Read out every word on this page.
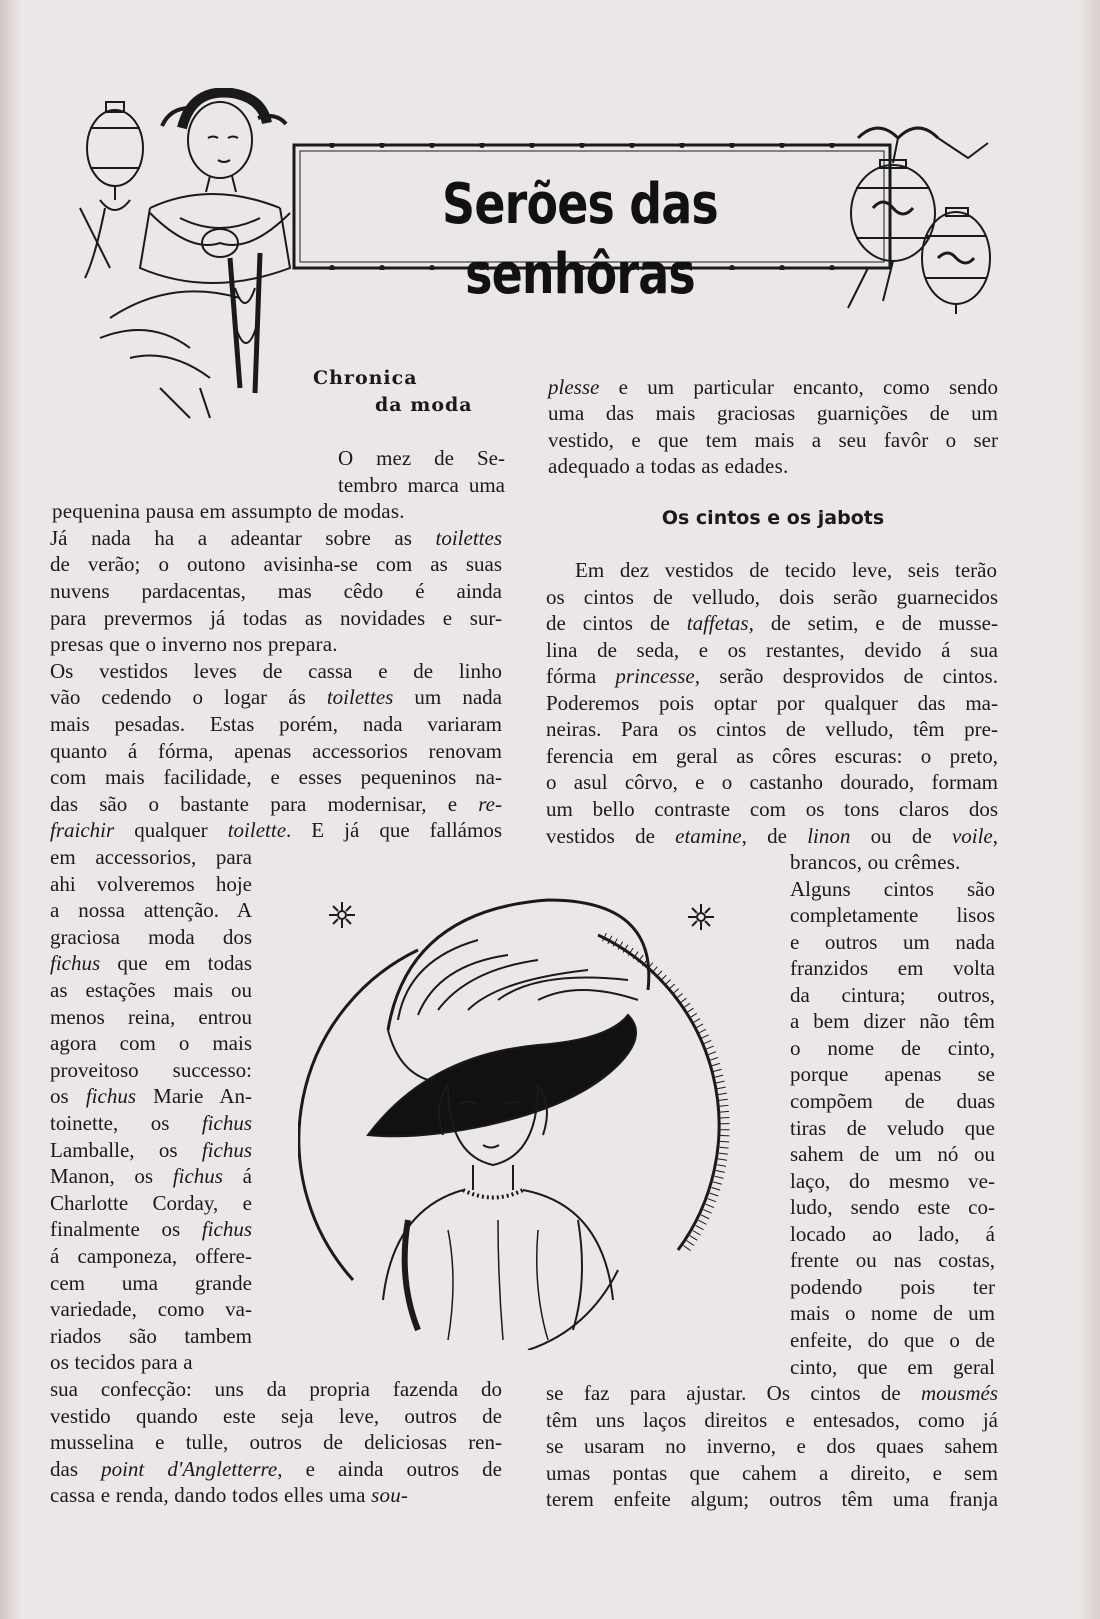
Serões das senhôras
Chronica
da moda
O mez de Se-
tembro marca uma
pequenina pausa em assumpto de modas.
Já nada ha a adeantar sobre as toilettes
de verão; o outono avisinha-se com as suas
nuvens pardacentas, mas cêdo é ainda
para prevermos já todas as novidades e sur-
presas que o inverno nos prepara.
Os vestidos leves de cassa e de linho
vão cedendo o logar ás toilettes um nada
mais pesadas. Estas porém, nada variaram
quanto á fórma, apenas accessorios renovam
com mais facilidade, e esses pequeninos na-
das são o bastante para modernisar, e re-
fraichir qualquer toilette. E já que fallámos
em accessorios, para
ahi volveremos hoje
a nossa attenção. A
graciosa moda dos
fichus que em todas
as estações mais ou
menos reina, entrou
agora com o mais
proveitoso successo:
os fichus Marie An-
toinette, os fichus
Lamballe, os fichus
Manon, os fichus á
Charlotte Corday, e
finalmente os fichus
á camponeza, offere-
cem uma grande
variedade, como va-
riados são tambem
os tecidos para a
sua confecção: uns da propria fazenda do
vestido quando este seja leve, outros de
musselina e tulle, outros de deliciosas ren-
das point d'Angletterre, e ainda outros de
cassa e renda, dando todos elles uma sou-
plesse e um particular encanto, como sendo
uma das mais graciosas guarnições de um
vestido, e que tem mais a seu favôr o ser
adequado a todas as edades.
Os cintos e os jabots
Em dez vestidos de tecido leve, seis terão
os cintos de velludo, dois serão guarnecidos
de cintos de taffetas, de setim, e de musse-
lina de seda, e os restantes, devido á sua
fórma princesse, serão desprovidos de cintos.
Poderemos pois optar por qualquer das ma-
neiras. Para os cintos de velludo, têm pre-
ferencia em geral as côres escuras: o preto,
o asul côrvo, e o castanho dourado, formam
um bello contraste com os tons claros dos
vestidos de etamine, de linon ou de voile,
brancos, ou crêmes.
Alguns cintos são
completamente lisos
e outros um nada
franzidos em volta
da cintura; outros,
a bem dizer não têm
o nome de cinto,
porque apenas se
compõem de duas
tiras de veludo que
sahem de um nó ou
laço, do mesmo ve-
ludo, sendo este co-
locado ao lado, á
frente ou nas costas,
podendo pois ter
mais o nome de um
enfeite, do que o de
cinto, que em geral
se faz para ajustar. Os cintos de mousmés
têm uns laços direitos e entesados, como já
se usaram no inverno, e dos quaes sahem
umas pontas que cahem a direito, e sem
terem enfeite algum; outros têm uma franja
